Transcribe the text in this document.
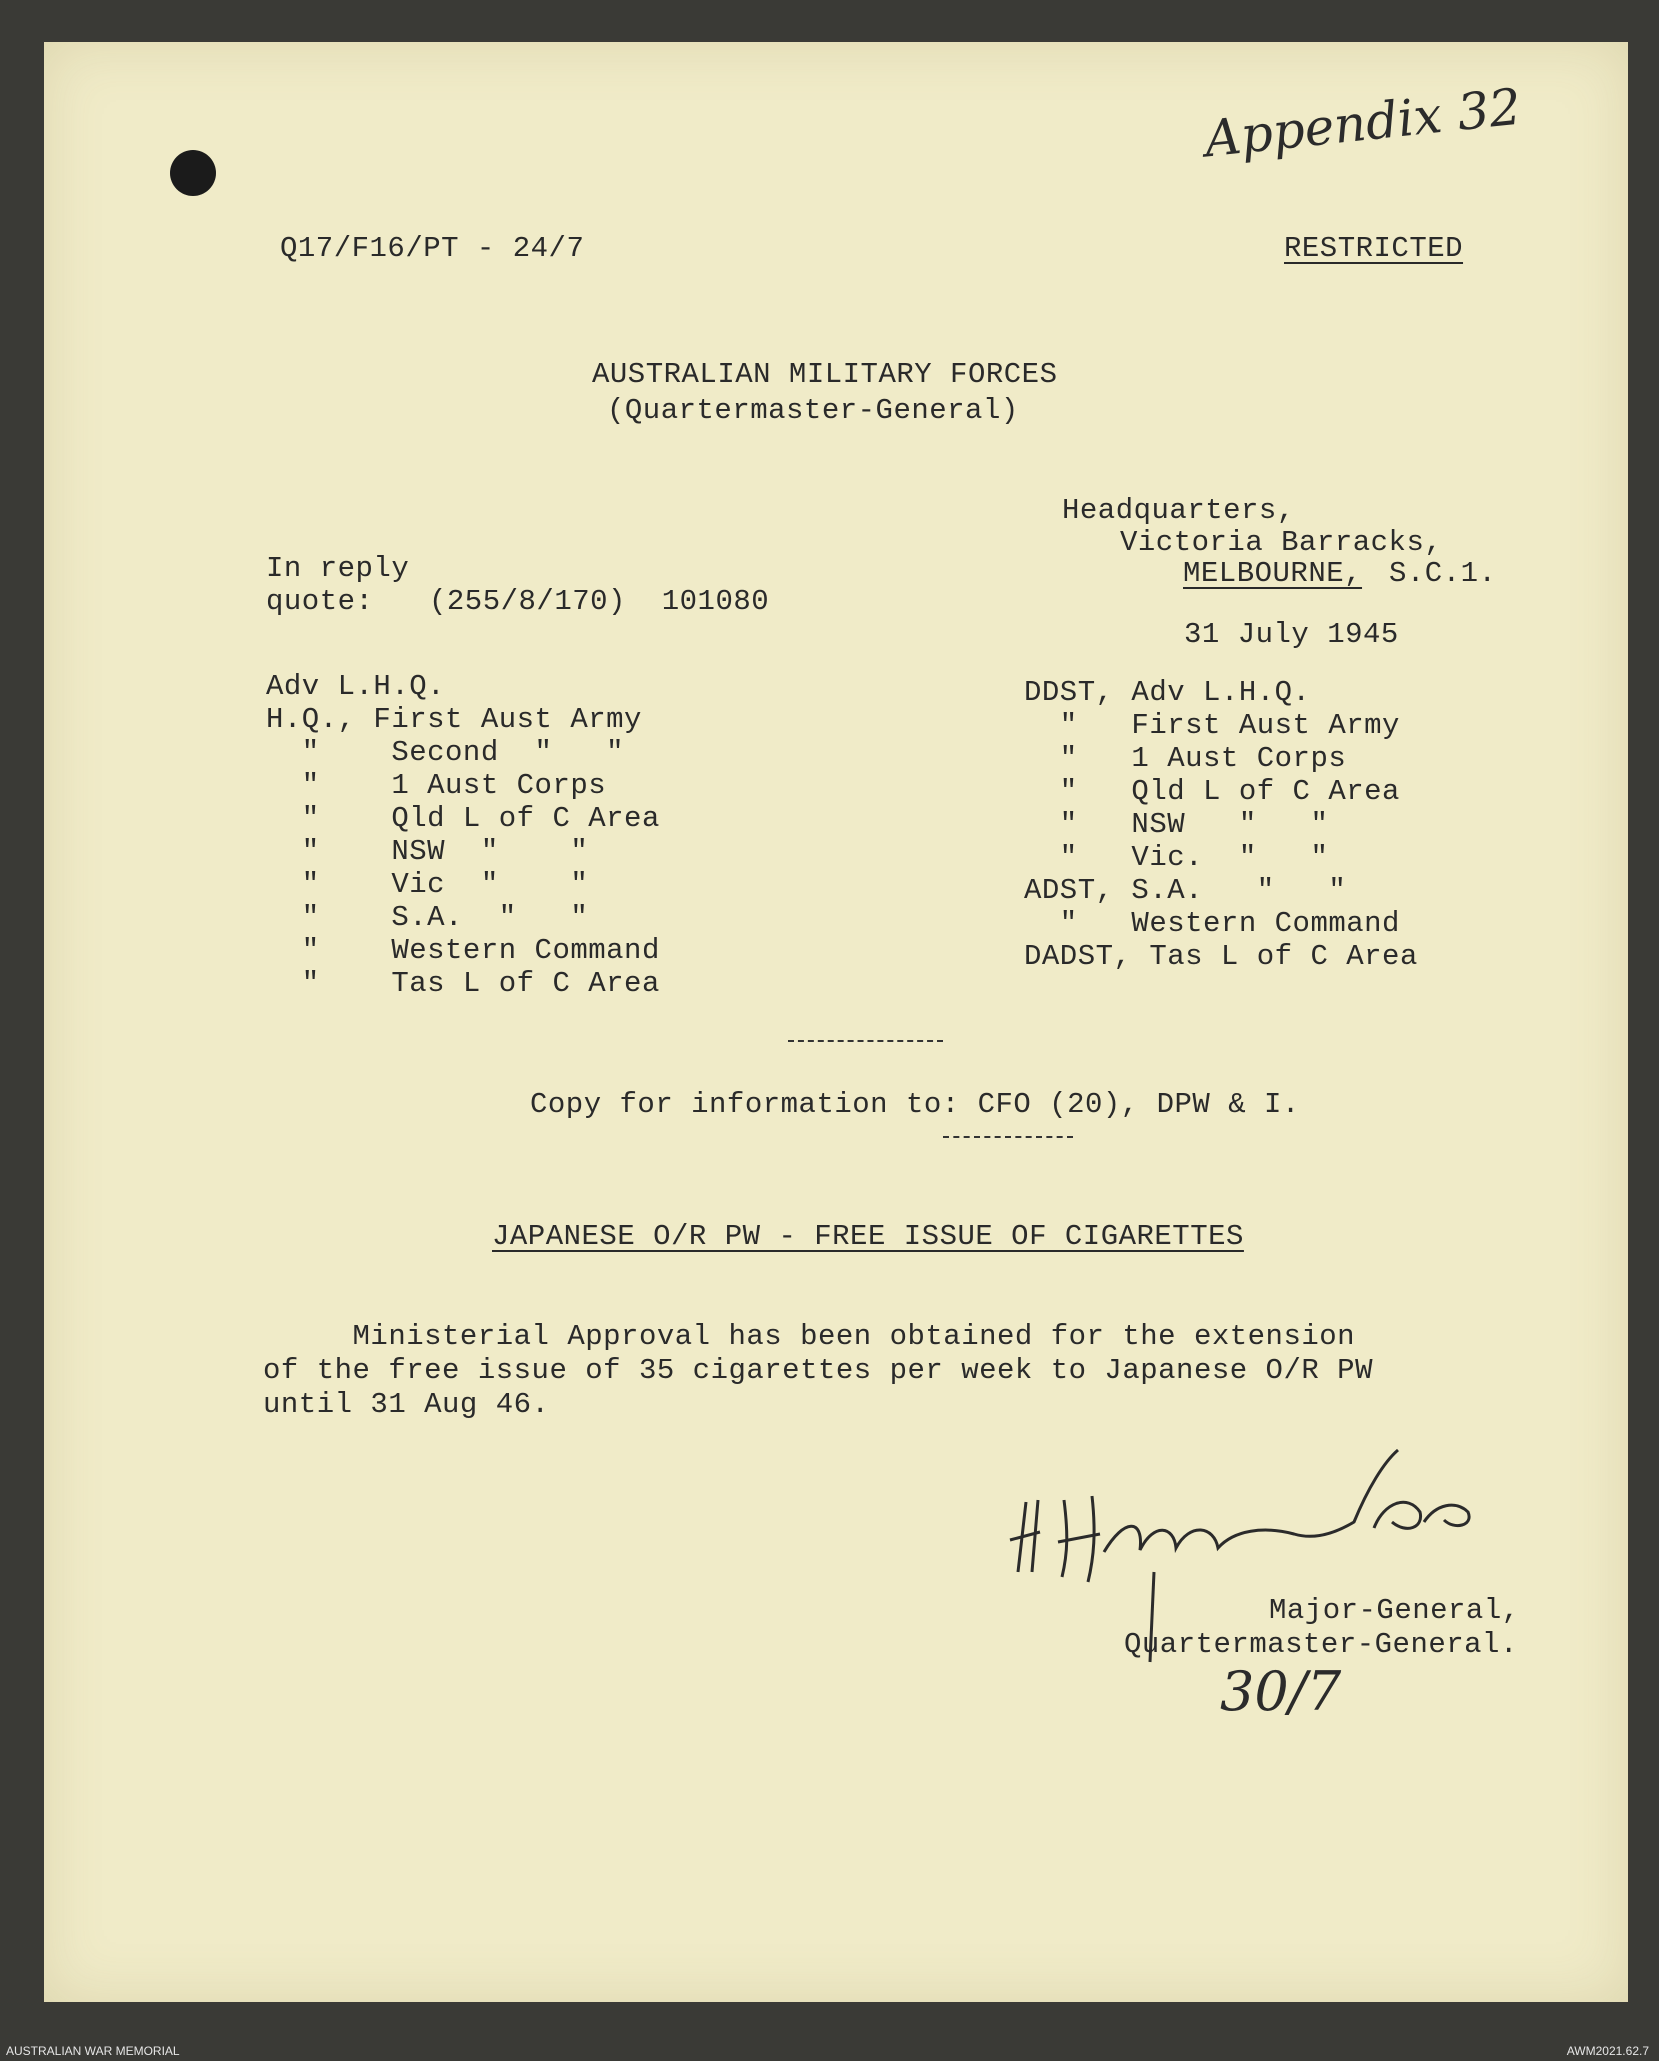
Appendix 32
Q17/F16/PT - 24/7	RESTRICTED
AUSTRALIAN MILITARY FORCES
(Quartermaster-General)
Headquarters,
Victoria Barracks,
MELBOURNE, S.C.1.
In reply
quote: (255/8/170)  101080
31 July 1945
Adv L.H.Q.
H.Q., First Aust Army
"    Second  "   "
"    1 Aust Corps
"    Qld L of C Area
"    NSW  "    "
"    Vic  "    "
"    S.A.  "   "
"    Western Command
"    Tas L of C Area
DDST, Adv L.H.Q.
"   First Aust Army
"   1 Aust Corps
"   Qld L of C Area
"   NSW   "   "
"   Vic.  "   "
ADST, S.A.   "   "
"   Western Command
DADST, Tas L of C Area
Copy for information to: CFO (20), DPW & I.
JAPANESE O/R PW - FREE ISSUE OF CIGARETTES
Ministerial Approval has been obtained for the extension
of the free issue of 35 cigarettes per week to Japanese O/R PW
until 31 Aug 46.
Major-General,
Quartermaster-General.
30/7
AUSTRALIAN WAR MEMORIAL	AWM2021.62.7
